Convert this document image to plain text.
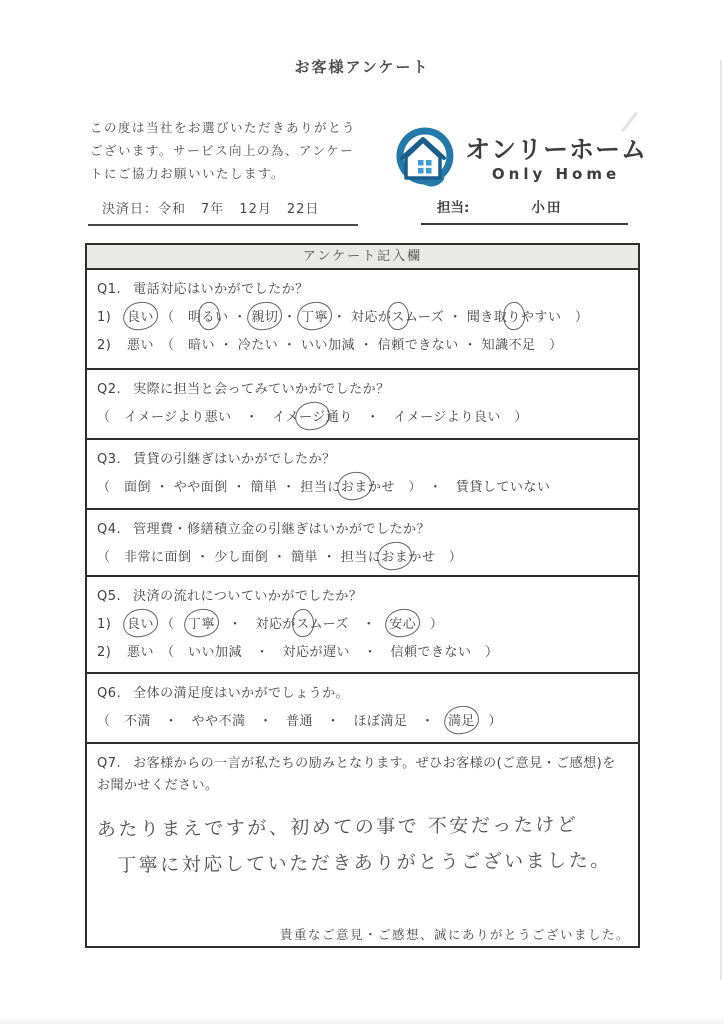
お客様アンケート
この度は当社をお選びいただきありがとう
ございます。サービス向上の為、アンケー
トにご協力お願いいたします。
決済日：令和 7年 12月 22日
オンリーホーム
Only Home
担当:	小田
アンケート記入欄
Q1. 電話対応はいかがでしたか？
1)	良い　（　明るい ・ 親切 ・ 丁寧 ・ 対応がスムーズ ・ 聞き取りやすい　）
2)	悪い　（　暗い ・ 冷たい ・ いい加減 ・ 信頼できない ・ 知識不足　）
Q2. 実際に担当と会ってみていかがでしたか？
（　イメージより悪い　・　イメージ通り　・　イメージより良い　）
Q3. 賃貸の引継ぎはいかがでしたか？
（　面倒 ・ やや面倒 ・ 簡単 ・ 担当におまかせ　）　・　賃貸していない
Q4. 管理費・修繕積立金の引継ぎはいかがでしたか？
（　非常に面倒 ・ 少し面倒 ・ 簡単 ・ 担当におまかせ　）
Q5. 決済の流れについていかがでしたか？
1)	良い　（　丁寧　・　対応がスムーズ　・　安心　）
2)	悪い　（　いい加減　・　対応が遅い　・　信頼できない　）
Q6. 全体の満足度はいかがでしょうか。
（　不満　・　やや不満　・　普通　・　ほぼ満足　・　満足　）
Q7. お客様からの一言が私たちの励みとなります。ぜひお客様の(ご意見・ご感想)をお聞かせください。
あたりまえですが、初めての事で 不安だったけど
丁寧に対応していただきありがとうございました。
貴重なご意見・ご感想、誠にありがとうございました。
